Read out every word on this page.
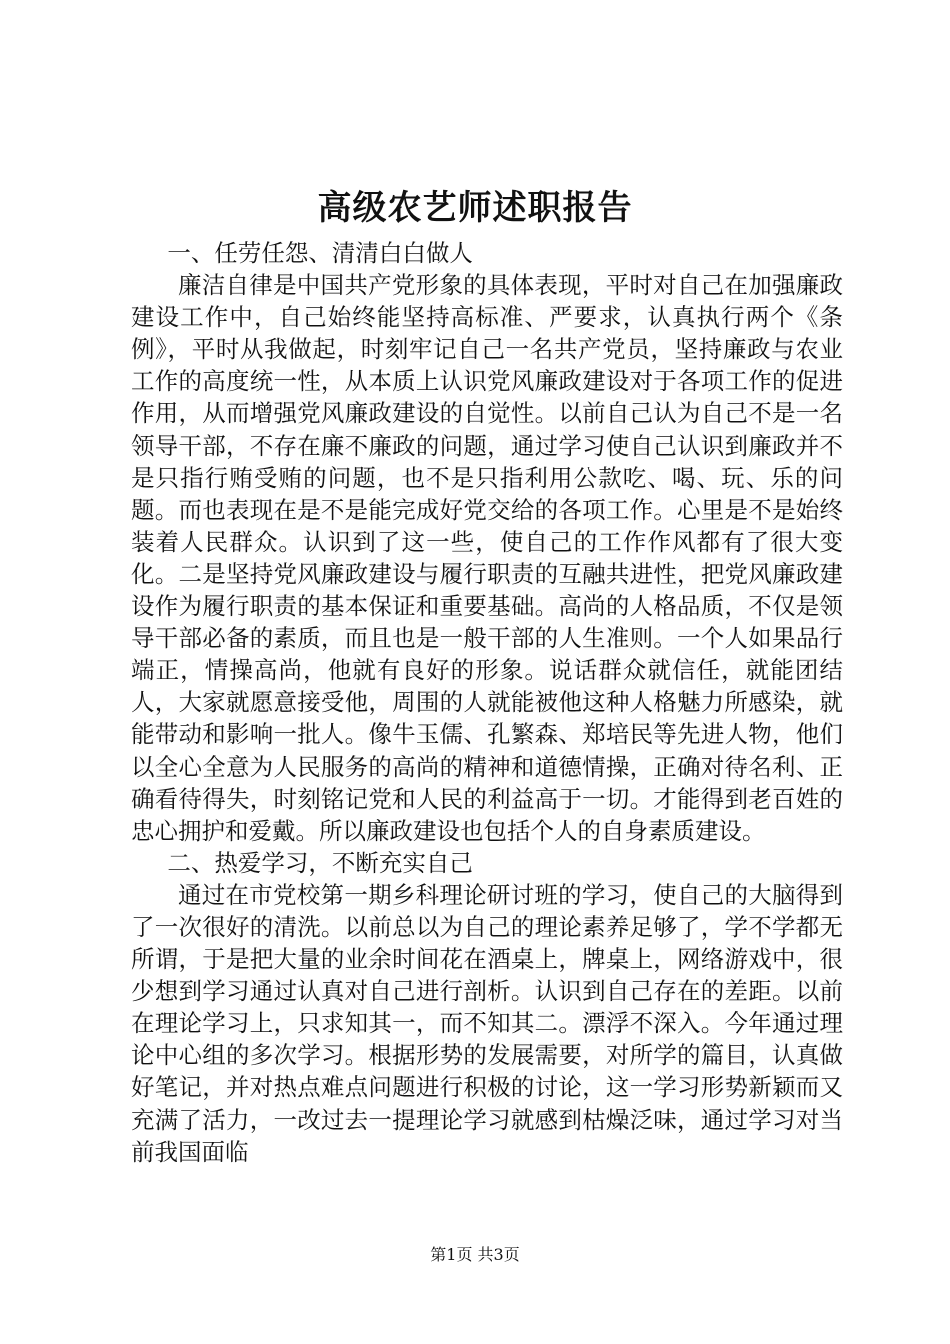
高级农艺师述职报告

一、任劳任怨、清清白白做人

廉洁自律是中国共产党形象的具体表现，平时对自己在加强廉政建设工作中，自己始终能坚持高标准、严要求，认真执行两个《条例》，平时从我做起，时刻牢记自己一名共产党员，坚持廉政与农业工作的高度统一性，从本质上认识党风廉政建设对于各项工作的促进作用，从而增强党风廉政建设的自觉性。以前自己认为自己不是一名领导干部，不存在廉不廉政的问题，通过学习使自己认识到廉政并不是只指行贿受贿的问题，也不是只指利用公款吃、喝、玩、乐的问题。而也表现在是不是能完成好党交给的各项工作。心里是不是始终装着人民群众。认识到了这一些，使自己的工作作风都有了很大变化。二是坚持党风廉政建设与履行职责的互融共进性，把党风廉政建设作为履行职责的基本保证和重要基础。高尚的人格品质，不仅是领导干部必备的素质，而且也是一般干部的人生准则。一个人如果品行端正，情操高尚，他就有良好的形象。说话群众就信任，就能团结人，大家就愿意接受他，周围的人就能被他这种人格魅力所感染，就能带动和影响一批人。像牛玉儒、孔繁森、郑培民等先进人物，他们以全心全意为人民服务的高尚的精神和道德情操，正确对待名利、正确看待得失，时刻铭记党和人民的利益高于一切。才能得到老百姓的忠心拥护和爱戴。所以廉政建设也包括个人的自身素质建设。

二、热爱学习，不断充实自己

通过在市党校第一期乡科理论研讨班的学习，使自己的大脑得到了一次很好的清洗。以前总以为自己的理论素养足够了，学不学都无所谓，于是把大量的业余时间花在酒桌上，牌桌上，网络游戏中，很少想到学习通过认真对自己进行剖析。认识到自己存在的差距。以前在理论学习上，只求知其一，而不知其二。漂浮不深入。今年通过理论中心组的多次学习。根据形势的发展需要，对所学的篇目，认真做好笔记，并对热点难点问题进行积极的讨论，这一学习形势新颖而又充满了活力，一改过去一提理论学习就感到枯燥泛味，通过学习对当前我国面临

第1页 共3页
